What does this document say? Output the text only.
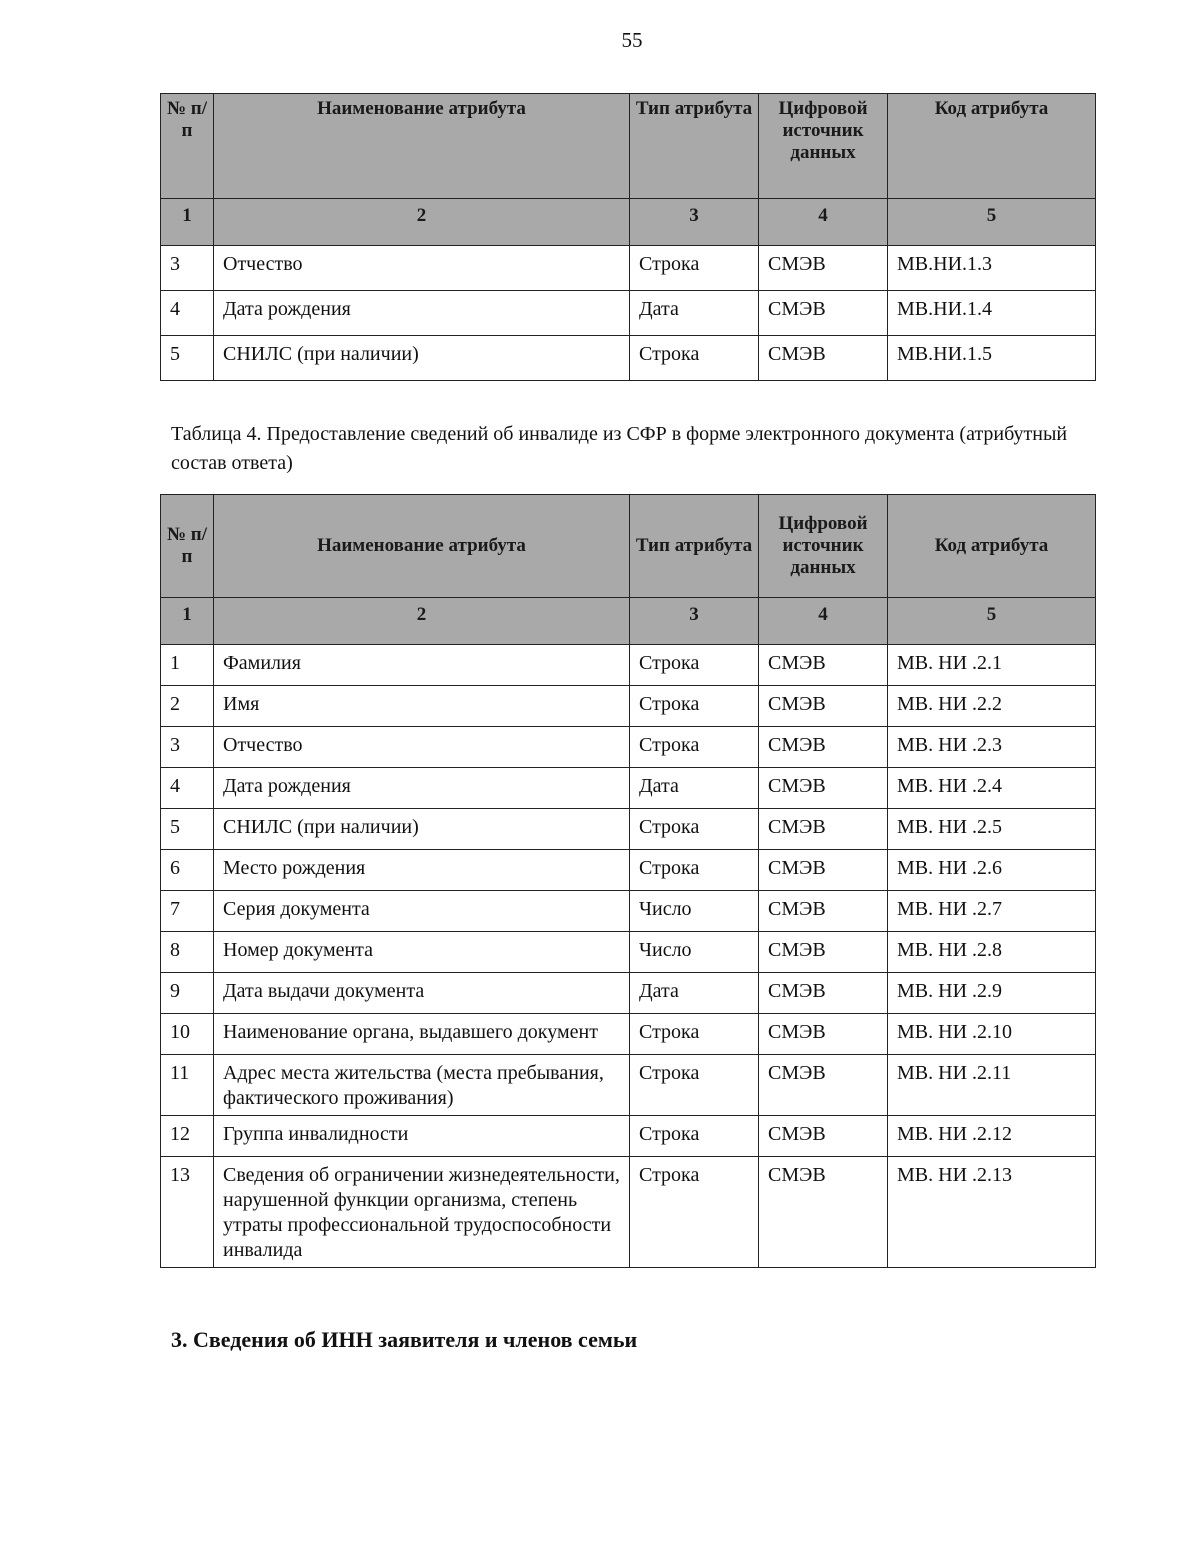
55
№ п/п	Наименование атрибута	Тип атрибута	Цифровой источник данных	Код атрибута
1	2	3	4	5
3	Отчество	Строка	СМЭВ	МВ.НИ.1.3
4	Дата рождения	Дата	СМЭВ	МВ.НИ.1.4
5	СНИЛС (при наличии)	Строка	СМЭВ	МВ.НИ.1.5
Таблица 4. Предоставление сведений об инвалиде из СФР в форме электронного документа (атрибутный состав ответа)
№ п/п	Наименование атрибута	Тип атрибута	Цифровой источник данных	Код атрибута
1	2	3	4	5
1	Фамилия	Строка	СМЭВ	МВ. НИ .2.1
2	Имя	Строка	СМЭВ	МВ. НИ .2.2
3	Отчество	Строка	СМЭВ	МВ. НИ .2.3
4	Дата рождения	Дата	СМЭВ	МВ. НИ .2.4
5	СНИЛС (при наличии)	Строка	СМЭВ	МВ. НИ .2.5
6	Место рождения	Строка	СМЭВ	МВ. НИ .2.6
7	Серия документа	Число	СМЭВ	МВ. НИ .2.7
8	Номер документа	Число	СМЭВ	МВ. НИ .2.8
9	Дата выдачи документа	Дата	СМЭВ	МВ. НИ .2.9
10	Наименование органа, выдавшего документ	Строка	СМЭВ	МВ. НИ .2.10
11	Адрес места жительства (места пребывания, фактического проживания)	Строка	СМЭВ	МВ. НИ .2.11
12	Группа инвалидности	Строка	СМЭВ	МВ. НИ .2.12
13	Сведения об ограничении жизнедеятельности, нарушенной функции организма, степень утраты профессиональной трудоспособности инвалида	Строка	СМЭВ	МВ. НИ .2.13
3. Сведения об ИНН заявителя и членов семьи
